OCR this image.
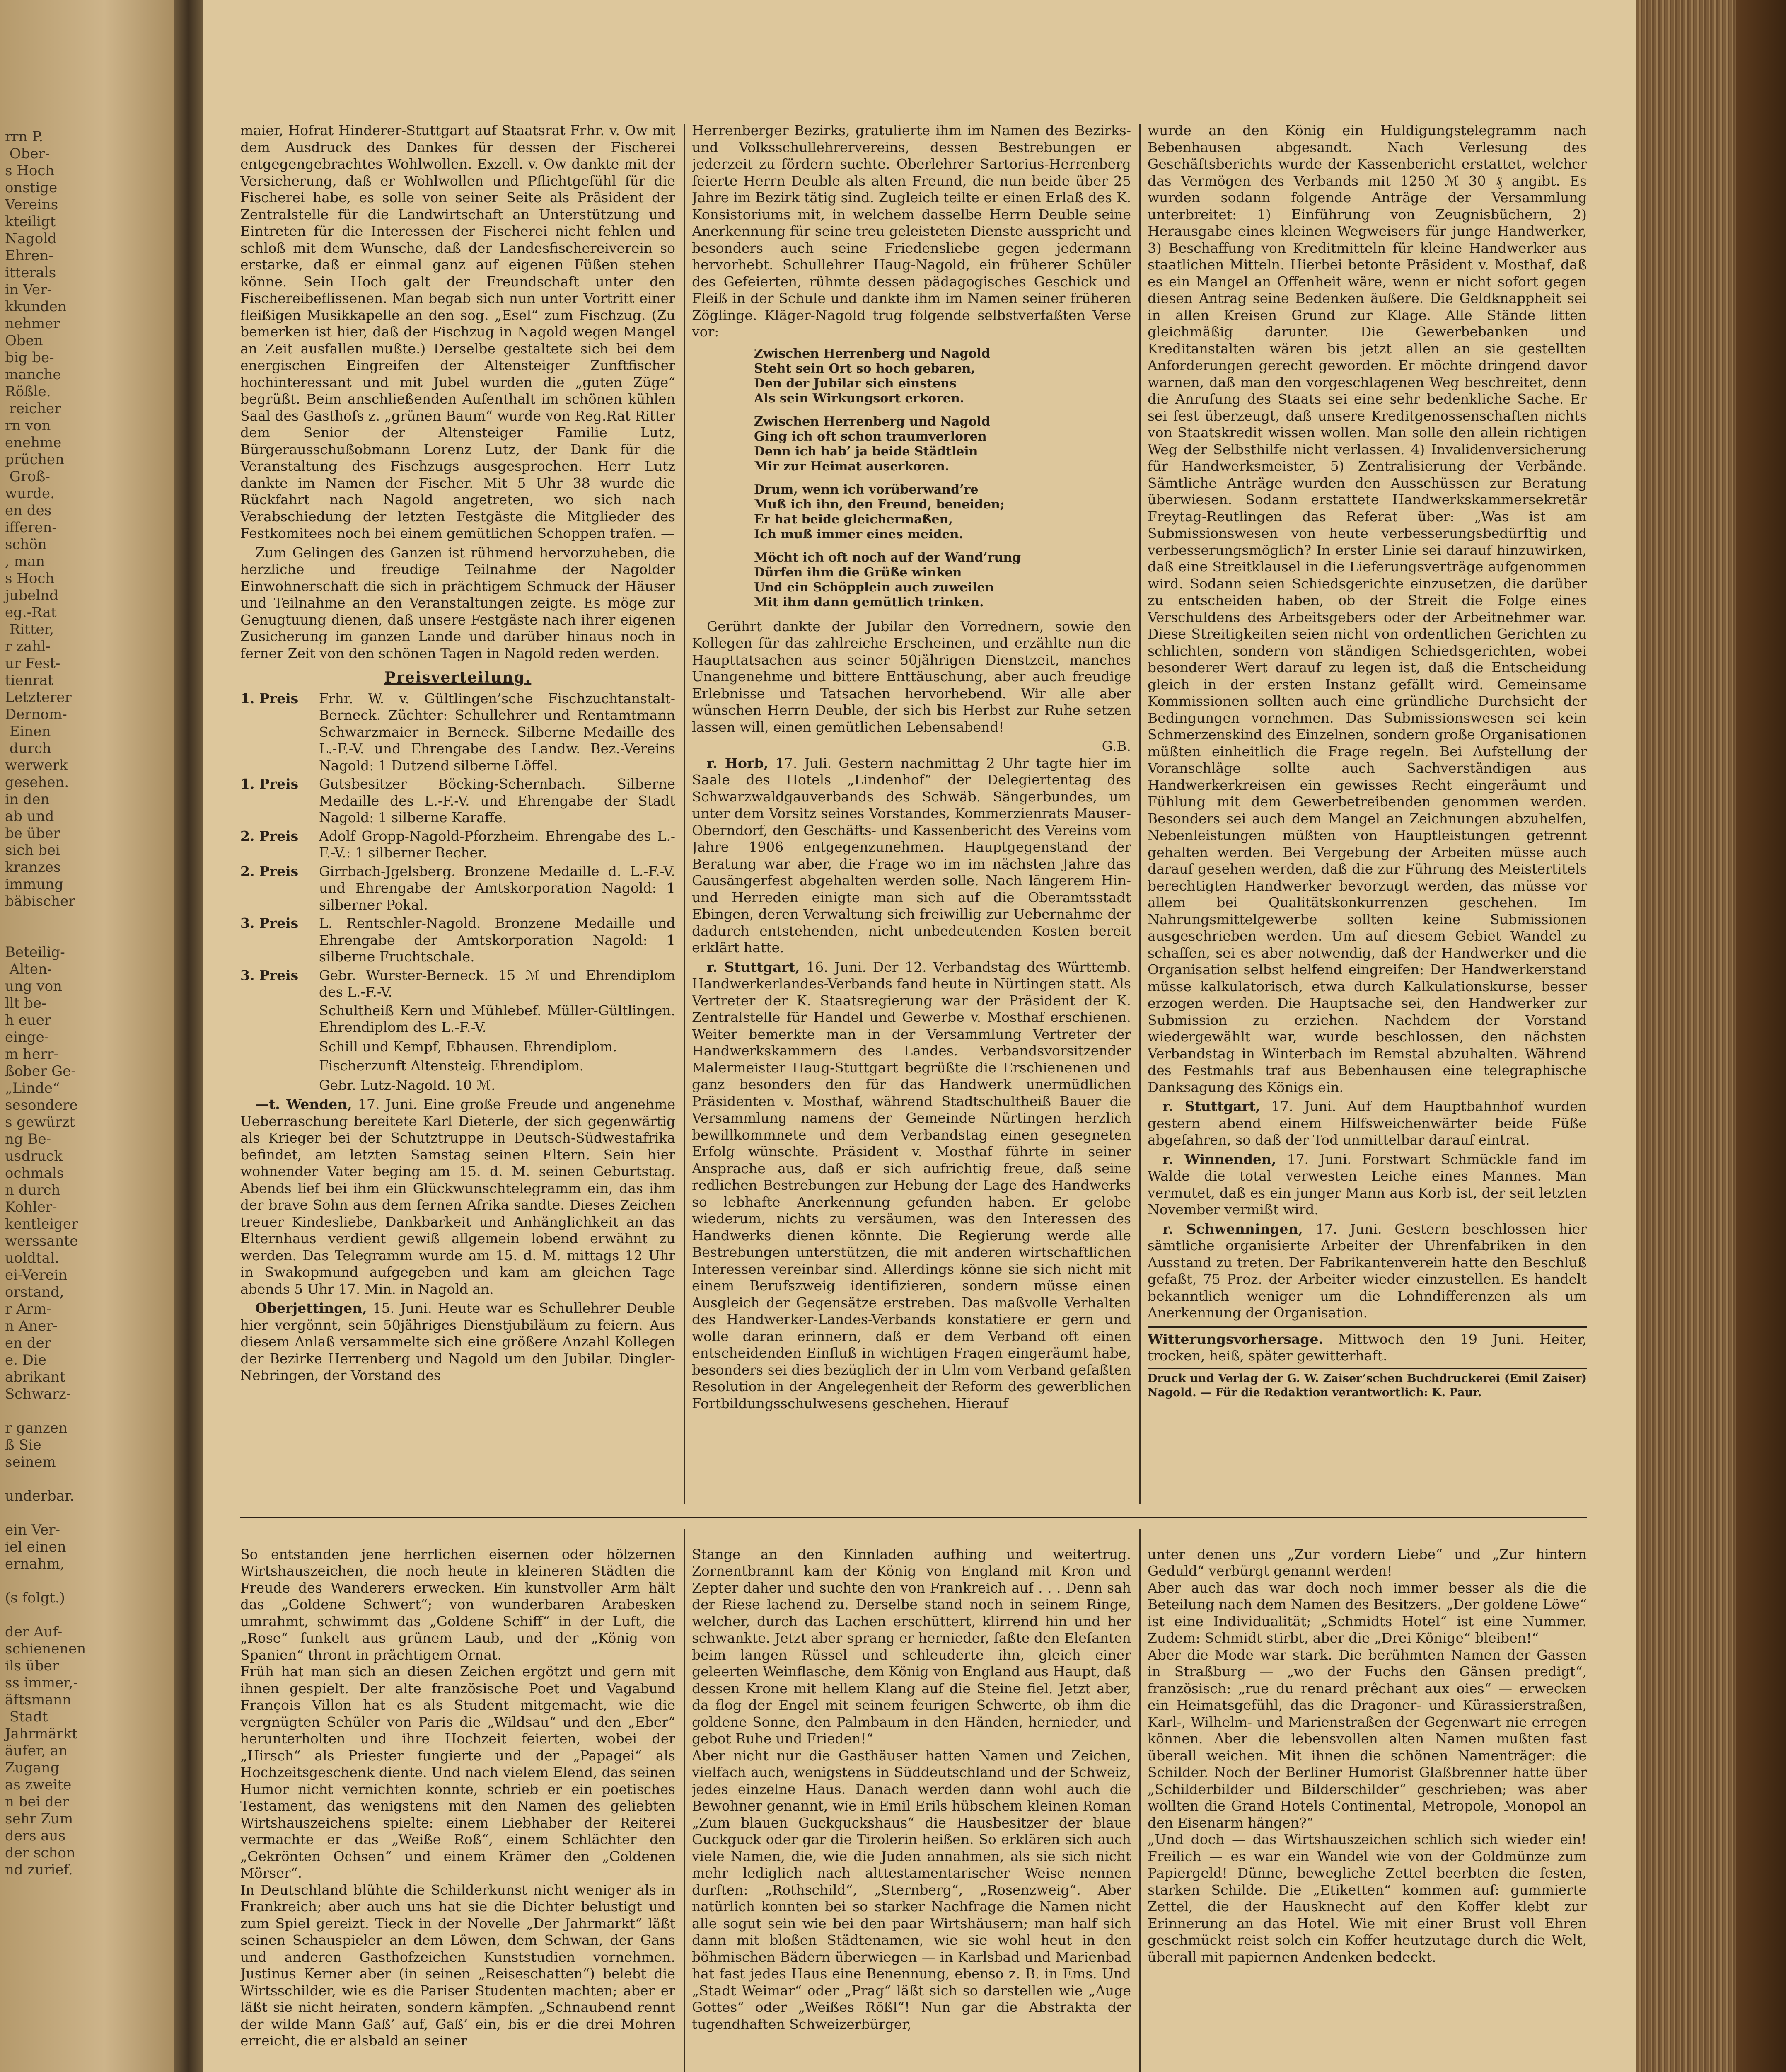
rrn P.
Ober-
s Hoch
onstige
Vereins
kteiligt
Nagold
Ehren-
itterals
in Ver-
kkunden
nehmer
Oben
big be-
manche
Rößle.
reicher
rn von
enehme
prüchen
Groß-
wurde.
en des
ifferen-
schön
, man
s Hoch
jubelnd
eg.-Rat
Ritter,
r zahl-
ur Fest-
tienrat
Letzterer
Dernom-
Einen
durch
werwerk
gesehen.
in den
ab und
be über
sich bei
kranzes
immung
bäbischer

Beteilig-
Alten-
ung von
llt be-
h euer
einge-
m herr-
ßober Ge-
„Linde“
sesondere
s gewürzt
ng Be-
usdruck
ochmals
n durch
Kohler-
kentleiger
werssante
uoldtal.
ei-Verein
orstand,
r Arm-
n Aner-
en der
e. Die
abrikant
Schwarz-

r ganzen
ß Sie
seinem

underbar.

ein Ver-
iel einen
ernahm,

(s folgt.)

der Auf-
schienenen
ils über
ss immer,-
äftsmann
Stadt
Jahrmärkt
äufer, an
Zugang
as zweite
n bei der
sehr Zum
ders aus
der schon
nd zurief.

maier, Hofrat Hinderer-Stuttgart auf Staatsrat Frhr. v. Ow mit dem Ausdruck des Dankes für dessen der Fischerei entgegengebrachtes Wohlwollen. Exzell. v. Ow dankte mit der Versicherung, daß er Wohlwollen und Pflichtgefühl für die Fischerei habe, es solle von seiner Seite als Präsident der Zentralstelle für die Landwirtschaft an Unterstützung und Eintreten für die Interessen der Fischerei nicht fehlen und schloß mit dem Wunsche, daß der Landesfischereiverein so erstarke, daß er einmal ganz auf eigenen Füßen stehen könne. Sein Hoch galt der Freundschaft unter den Fischereibeflissenen. Man begab sich nun unter Vortritt einer fleißigen Musikkapelle an den sog. „Esel“ zum Fischzug. (Zu bemerken ist hier, daß der Fischzug in Nagold wegen Mangel an Zeit ausfallen mußte.) Derselbe gestaltete sich bei dem energischen Eingreifen der Altensteiger Zunftfischer hochinteressant und mit Jubel wurden die „guten Züge“ begrüßt. Beim anschließenden Aufenthalt im schönen kühlen Saal des Gasthofs z. „grünen Baum“ wurde von Reg.Rat Ritter dem Senior der Altensteiger Familie Lutz, Bürgerausschußobmann Lorenz Lutz, der Dank für die Veranstaltung des Fischzugs ausgesprochen. Herr Lutz dankte im Namen der Fischer. Mit 5 Uhr 38 wurde die Rückfahrt nach Nagold angetreten, wo sich nach Verabschiedung der letzten Festgäste die Mitglieder des Festkomitees noch bei einem gemütlichen Schoppen trafen. —

Zum Gelingen des Ganzen ist rühmend hervorzuheben, die herzliche und freudige Teilnahme der Nagolder Einwohnerschaft die sich in prächtigem Schmuck der Häuser und Teilnahme an den Veranstaltungen zeigte. Es möge zur Genugtuung dienen, daß unsere Festgäste nach ihrer eigenen Zusicherung im ganzen Lande und darüber hinaus noch in ferner Zeit von den schönen Tagen in Nagold reden werden.

Preisverteilung.
1. Preis	Frhr. W. v. Gültlingen’sche Fischzuchtanstalt-Berneck. Züchter: Schullehrer und Rentamtmann Schwarzmaier in Berneck. Silberne Medaille des L.-F.-V. und Ehrengabe des Landw. Bez.-Vereins Nagold: 1 Dutzend silberne Löffel.
1. Preis	Gutsbesitzer Böcking-Schernbach. Silberne Medaille des L.-F.-V. und Ehrengabe der Stadt Nagold: 1 silberne Karaffe.
2. Preis	Adolf Gropp-Nagold-Pforzheim. Ehrengabe des L.-F.-V.: 1 silberner Becher.
2. Preis	Girrbach-Jgelsberg. Bronzene Medaille d. L.-F.-V. und Ehrengabe der Amtskorporation Nagold: 1 silberner Pokal.
3. Preis	L. Rentschler-Nagold. Bronzene Medaille und Ehrengabe der Amtskorporation Nagold: 1 silberne Fruchtschale.
3. Preis	Gebr. Wurster-Berneck. 15 ℳ und Ehrendiplom des L.-F.-V.

Schultheiß Kern und Mühlebef. Müller-Gültlingen. Ehrendiplom des L.-F.-V.

Schill und Kempf, Ebhausen. Ehrendiplom.

Fischerzunft Altensteig. Ehrendiplom.

Gebr. Lutz-Nagold. 10 ℳ.

—t. Wenden, 17. Juni. Eine große Freude und angenehme Ueberraschung bereitete Karl Dieterle, der sich gegenwärtig als Krieger bei der Schutztruppe in Deutsch-Südwestafrika befindet, am letzten Samstag seinen Eltern. Sein hier wohnender Vater beging am 15. d. M. seinen Geburtstag. Abends lief bei ihm ein Glückwunschtelegramm ein, das ihm der brave Sohn aus dem fernen Afrika sandte. Dieses Zeichen treuer Kindesliebe, Dankbarkeit und Anhänglichkeit an das Elternhaus verdient gewiß allgemein lobend erwähnt zu werden. Das Telegramm wurde am 15. d. M. mittags 12 Uhr in Swakopmund aufgegeben und kam am gleichen Tage abends 5 Uhr 17. Min. in Nagold an.

Oberjettingen, 15. Juni. Heute war es Schullehrer Deuble hier vergönnt, sein 50jähriges Dienstjubiläum zu feiern. Aus diesem Anlaß versammelte sich eine größere Anzahl Kollegen der Bezirke Herrenberg und Nagold um den Jubilar. Dingler-Nebringen, der Vorstand des

Herrenberger Bezirks, gratulierte ihm im Namen des Bezirks- und Volksschullehrervereins, dessen Bestrebungen er jederzeit zu fördern suchte. Oberlehrer Sartorius-Herrenberg feierte Herrn Deuble als alten Freund, die nun beide über 25 Jahre im Bezirk tätig sind. Zugleich teilte er einen Erlaß des K. Konsistoriums mit, in welchem dasselbe Herrn Deuble seine Anerkennung für seine treu geleisteten Dienste ausspricht und besonders auch seine Friedensliebe gegen jedermann hervorhebt. Schullehrer Haug-Nagold, ein früherer Schüler des Gefeierten, rühmte dessen pädagogisches Geschick und Fleiß in der Schule und dankte ihm im Namen seiner früheren Zöglinge. Kläger-Nagold trug folgende selbstverfaßten Verse vor:

Zwischen Herrenberg und Nagold
Steht sein Ort so hoch gebaren,
Den der Jubilar sich einstens
Als sein Wirkungsort erkoren.
Zwischen Herrenberg und Nagold
Ging ich oft schon traumverloren
Denn ich hab’ ja beide Städtlein
Mir zur Heimat auserkoren.
Drum, wenn ich vorüberwand’re
Muß ich ihn, den Freund, beneiden;
Er hat beide gleichermaßen,
Ich muß immer eines meiden.
Möcht ich oft noch auf der Wand’rung
Dürfen ihm die Grüße winken
Und ein Schöpplein auch zuweilen
Mit ihm dann gemütlich trinken.

Gerührt dankte der Jubilar den Vorrednern, sowie den Kollegen für das zahlreiche Erscheinen, und erzählte nun die Haupttatsachen aus seiner 50jährigen Dienstzeit, manches Unangenehme und bittere Enttäuschung, aber auch freudige Erlebnisse und Tatsachen hervorhebend. Wir alle aber wünschen Herrn Deuble, der sich bis Herbst zur Ruhe setzen lassen will, einen gemütlichen Lebensabend!

G.B.

r. Horb, 17. Juli. Gestern nachmittag 2 Uhr tagte hier im Saale des Hotels „Lindenhof“ der Delegiertentag des Schwarzwaldgauverbands des Schwäb. Sängerbundes, um unter dem Vorsitz seines Vorstandes, Kommerzienrats Mauser-Oberndorf, den Geschäfts- und Kassenbericht des Vereins vom Jahre 1906 entgegenzunehmen. Hauptgegenstand der Beratung war aber, die Frage wo im im nächsten Jahre das Gausängerfest abgehalten werden solle. Nach längerem Hin- und Herreden einigte man sich auf die Oberamtsstadt Ebingen, deren Verwaltung sich freiwillig zur Uebernahme der dadurch entstehenden, nicht unbedeutenden Kosten bereit erklärt hatte.

r. Stuttgart, 16. Juni. Der 12. Verbandstag des Württemb. Handwerkerlandes-Verbands fand heute in Nürtingen statt. Als Vertreter der K. Staatsregierung war der Präsident der K. Zentralstelle für Handel und Gewerbe v. Mosthaf erschienen. Weiter bemerkte man in der Versammlung Vertreter der Handwerkskammern des Landes. Verbandsvorsitzender Malermeister Haug-Stuttgart begrüßte die Erschienenen und ganz besonders den für das Handwerk unermüdlichen Präsidenten v. Mosthaf, während Stadtschultheiß Bauer die Versammlung namens der Gemeinde Nürtingen herzlich bewillkommnete und dem Verbandstag einen gesegneten Erfolg wünschte. Präsident v. Mosthaf führte in seiner Ansprache aus, daß er sich aufrichtig freue, daß seine redlichen Bestrebungen zur Hebung der Lage des Handwerks so lebhafte Anerkennung gefunden haben. Er gelobe wiederum, nichts zu versäumen, was den Interessen des Handwerks dienen könnte. Die Regierung werde alle Bestrebungen unterstützen, die mit anderen wirtschaftlichen Interessen vereinbar sind. Allerdings könne sie sich nicht mit einem Berufszweig identifizieren, sondern müsse einen Ausgleich der Gegensätze erstreben. Das maßvolle Verhalten des Handwerker-Landes-Verbands konstatiere er gern und wolle daran erinnern, daß er dem Verband oft einen entscheidenden Einfluß in wichtigen Fragen eingeräumt habe, besonders sei dies bezüglich der in Ulm vom Verband gefaßten Resolution in der Angelegenheit der Reform des gewerblichen Fortbildungsschulwesens geschehen. Hierauf

wurde an den König ein Huldigungstelegramm nach Bebenhausen abgesandt. Nach Verlesung des Geschäftsberichts wurde der Kassenbericht erstattet, welcher das Vermögen des Verbands mit 1250 ℳ 30 ₰ angibt. Es wurden sodann folgende Anträge der Versammlung unterbreitet: 1) Einführung von Zeugnisbüchern, 2) Herausgabe eines kleinen Wegweisers für junge Handwerker, 3) Beschaffung von Kreditmitteln für kleine Handwerker aus staatlichen Mitteln. Hierbei betonte Präsident v. Mosthaf, daß es ein Mangel an Offenheit wäre, wenn er nicht sofort gegen diesen Antrag seine Bedenken äußere. Die Geldknappheit sei in allen Kreisen Grund zur Klage. Alle Stände litten gleichmäßig darunter. Die Gewerbebanken und Kreditanstalten wären bis jetzt allen an sie gestellten Anforderungen gerecht geworden. Er möchte dringend davor warnen, daß man den vorgeschlagenen Weg beschreitet, denn die Anrufung des Staats sei eine sehr bedenkliche Sache. Er sei fest überzeugt, daß unsere Kreditgenossenschaften nichts von Staatskredit wissen wollen. Man solle den allein richtigen Weg der Selbsthilfe nicht verlassen. 4) Invalidenversicherung für Handwerksmeister, 5) Zentralisierung der Verbände. Sämtliche Anträge wurden den Ausschüssen zur Beratung überwiesen. Sodann erstattete Handwerkskammersekretär Freytag-Reutlingen das Referat über: „Was ist am Submissionswesen von heute verbesserungsbedürftig und verbesserungsmöglich? In erster Linie sei darauf hinzuwirken, daß eine Streitklausel in die Lieferungsverträge aufgenommen wird. Sodann seien Schiedsgerichte einzusetzen, die darüber zu entscheiden haben, ob der Streit die Folge eines Verschuldens des Arbeitsgebers oder der Arbeitnehmer war. Diese Streitigkeiten seien nicht von ordentlichen Gerichten zu schlichten, sondern von ständigen Schiedsgerichten, wobei besonderer Wert darauf zu legen ist, daß die Entscheidung gleich in der ersten Instanz gefällt wird. Gemeinsame Kommissionen sollten auch eine gründliche Durchsicht der Bedingungen vornehmen. Das Submissionswesen sei kein Schmerzenskind des Einzelnen, sondern große Organisationen müßten einheitlich die Frage regeln. Bei Aufstellung der Voranschläge sollte auch Sachverständigen aus Handwerkerkreisen ein gewisses Recht eingeräumt und Fühlung mit dem Gewerbetreibenden genommen werden. Besonders sei auch dem Mangel an Zeichnungen abzuhelfen, Nebenleistungen müßten von Hauptleistungen getrennt gehalten werden. Bei Vergebung der Arbeiten müsse auch darauf gesehen werden, daß die zur Führung des Meistertitels berechtigten Handwerker bevorzugt werden, das müsse vor allem bei Qualitätskonkurrenzen geschehen. Im Nahrungsmittelgewerbe sollten keine Submissionen ausgeschrieben werden. Um auf diesem Gebiet Wandel zu schaffen, sei es aber notwendig, daß der Handwerker und die Organisation selbst helfend eingreifen: Der Handwerkerstand müsse kalkulatorisch, etwa durch Kalkulationskurse, besser erzogen werden. Die Hauptsache sei, den Handwerker zur Submission zu erziehen. Nachdem der Vorstand wiedergewählt war, wurde beschlossen, den nächsten Verbandstag in Winterbach im Remstal abzuhalten. Während des Festmahls traf aus Bebenhausen eine telegraphische Danksagung des Königs ein.

r. Stuttgart, 17. Juni. Auf dem Hauptbahnhof wurden gestern abend einem Hilfsweichenwärter beide Füße abgefahren, so daß der Tod unmittelbar darauf eintrat.

r. Winnenden, 17. Juni. Forstwart Schmückle fand im Walde die total verwesten Leiche eines Mannes. Man vermutet, daß es ein junger Mann aus Korb ist, der seit letzten November vermißt wird.

r. Schwenningen, 17. Juni. Gestern beschlossen hier sämtliche organisierte Arbeiter der Uhrenfabriken in den Ausstand zu treten. Der Fabrikantenverein hatte den Beschluß gefaßt, 75 Proz. der Arbeiter wieder einzustellen. Es handelt bekanntlich weniger um die Lohndifferenzen als um Anerkennung der Organisation.

Witterungsvorhersage. Mittwoch den 19 Juni. Heiter, trocken, heiß, später gewitterhaft.

Druck und Verlag der G. W. Zaiser’schen Buchdruckerei (Emil Zaiser) Nagold. — Für die Redaktion verantwortlich: K. Paur.

So entstanden jene herrlichen eisernen oder hölzernen Wirtshauszeichen, die noch heute in kleineren Städten die Freude des Wanderers erwecken. Ein kunstvoller Arm hält das „Goldene Schwert“; von wunderbaren Arabesken umrahmt, schwimmt das „Goldene Schiff“ in der Luft, die „Rose“ funkelt aus grünem Laub, und der „König von Spanien“ thront in prächtigem Ornat.
Früh hat man sich an diesen Zeichen ergötzt und gern mit ihnen gespielt. Der alte französische Poet und Vagabund François Villon hat es als Student mitgemacht, wie die vergnügten Schüler von Paris die „Wildsau“ und den „Eber“ herunterholten und ihre Hochzeit feierten, wobei der „Hirsch“ als Priester fungierte und der „Papagei“ als Hochzeitsgeschenk diente. Und nach vielem Elend, das seinen Humor nicht vernichten konnte, schrieb er ein poetisches Testament, das wenigstens mit den Namen des geliebten Wirtshauszeichens spielte: einem Liebhaber der Reiterei vermachte er das „Weiße Roß“, einem Schlächter den „Gekrönten Ochsen“ und einem Krämer den „Goldenen Mörser“.
In Deutschland blühte die Schilderkunst nicht weniger als in Frankreich; aber auch uns hat sie die Dichter belustigt und zum Spiel gereizt. Tieck in der Novelle „Der Jahrmarkt“ läßt seinen Schauspieler an dem Löwen, dem Schwan, der Gans und anderen Gasthofzeichen Kunststudien vornehmen. Justinus Kerner aber (in seinen „Reiseschatten“) belebt die Wirtsschilder, wie es die Pariser Studenten machten; aber er läßt sie nicht heiraten, sondern kämpfen. „Schnaubend rennt der wilde Mann Gaß’ auf, Gaß’ ein, bis er die drei Mohren erreicht, die er alsbald an seiner

Stange an den Kinnladen aufhing und weitertrug. Zornentbrannt kam der König von England mit Kron und Zepter daher und suchte den von Frankreich auf . . . Denn sah der Riese lachend zu. Derselbe stand noch in seinem Ringe, welcher, durch das Lachen erschüttert, klirrend hin und her schwankte. Jetzt aber sprang er hernieder, faßte den Elefanten beim langen Rüssel und schleuderte ihn, gleich einer geleerten Weinflasche, dem König von England aus Haupt, daß dessen Krone mit hellem Klang auf die Steine fiel. Jetzt aber, da flog der Engel mit seinem feurigen Schwerte, ob ihm die goldene Sonne, den Palmbaum in den Händen, hernieder, und gebot Ruhe und Frieden!“
Aber nicht nur die Gasthäuser hatten Namen und Zeichen, vielfach auch, wenigstens in Süddeutschland und der Schweiz, jedes einzelne Haus. Danach werden dann wohl auch die Bewohner genannt, wie in Emil Erils hübschem kleinen Roman „Zum blauen Guckguckshaus“ die Hausbesitzer der blaue Guckguck oder gar die Tirolerin heißen. So erklären sich auch viele Namen, die, wie die Juden annahmen, als sie sich nicht mehr lediglich nach alttestamentarischer Weise nennen durften: „Rothschild“, „Sternberg“, „Rosenzweig“. Aber natürlich konnten bei so starker Nachfrage die Namen nicht alle sogut sein wie bei den paar Wirtshäusern; man half sich dann mit bloßen Städtenamen, wie sie wohl heut in den böhmischen Bädern überwiegen — in Karlsbad und Marienbad hat fast jedes Haus eine Benennung, ebenso z. B. in Ems. Und „Stadt Weimar“ oder „Prag“ läßt sich so darstellen wie „Auge Gottes“ oder „Weißes Rößl“! Nun gar die Abstrakta der tugendhaften Schweizerbürger,

unter denen uns „Zur vordern Liebe“ und „Zur hintern Geduld“ verbürgt genannt werden!
Aber auch das war doch noch immer besser als die die Beteilung nach dem Namen des Besitzers. „Der goldene Löwe“ ist eine Individualität; „Schmidts Hotel“ ist eine Nummer. Zudem: Schmidt stirbt, aber die „Drei Könige“ bleiben!“
Aber die Mode war stark. Die berühmten Namen der Gassen in Straßburg — „wo der Fuchs den Gänsen predigt“, französisch: „rue du renard prêchant aux oies“ — erwecken ein Heimatsgefühl, das die Dragoner- und Kürassierstraßen, Karl-, Wilhelm- und Marienstraßen der Gegenwart nie erregen können. Aber die lebensvollen alten Namen mußten fast überall weichen. Mit ihnen die schönen Namenträger: die Schilder. Noch der Berliner Humorist Glaßbrenner hatte über „Schilderbilder und Bilderschilder“ geschrieben; was aber wollten die Grand Hotels Continental, Metropole, Monopol an den Eisenarm hängen?“
„Und doch — das Wirtshauszeichen schlich sich wieder ein! Freilich — es war ein Wandel wie von der Goldmünze zum Papiergeld! Dünne, bewegliche Zettel beerbten die festen, starken Schilde. Die „Etiketten“ kommen auf: gummierte Zettel, die der Hausknecht auf den Koffer klebt zur Erinnerung an das Hotel. Wie mit einer Brust voll Ehren geschmückt reist solch ein Koffer heutzutage durch die Welt, überall mit papiernen Andenken bedeckt.
